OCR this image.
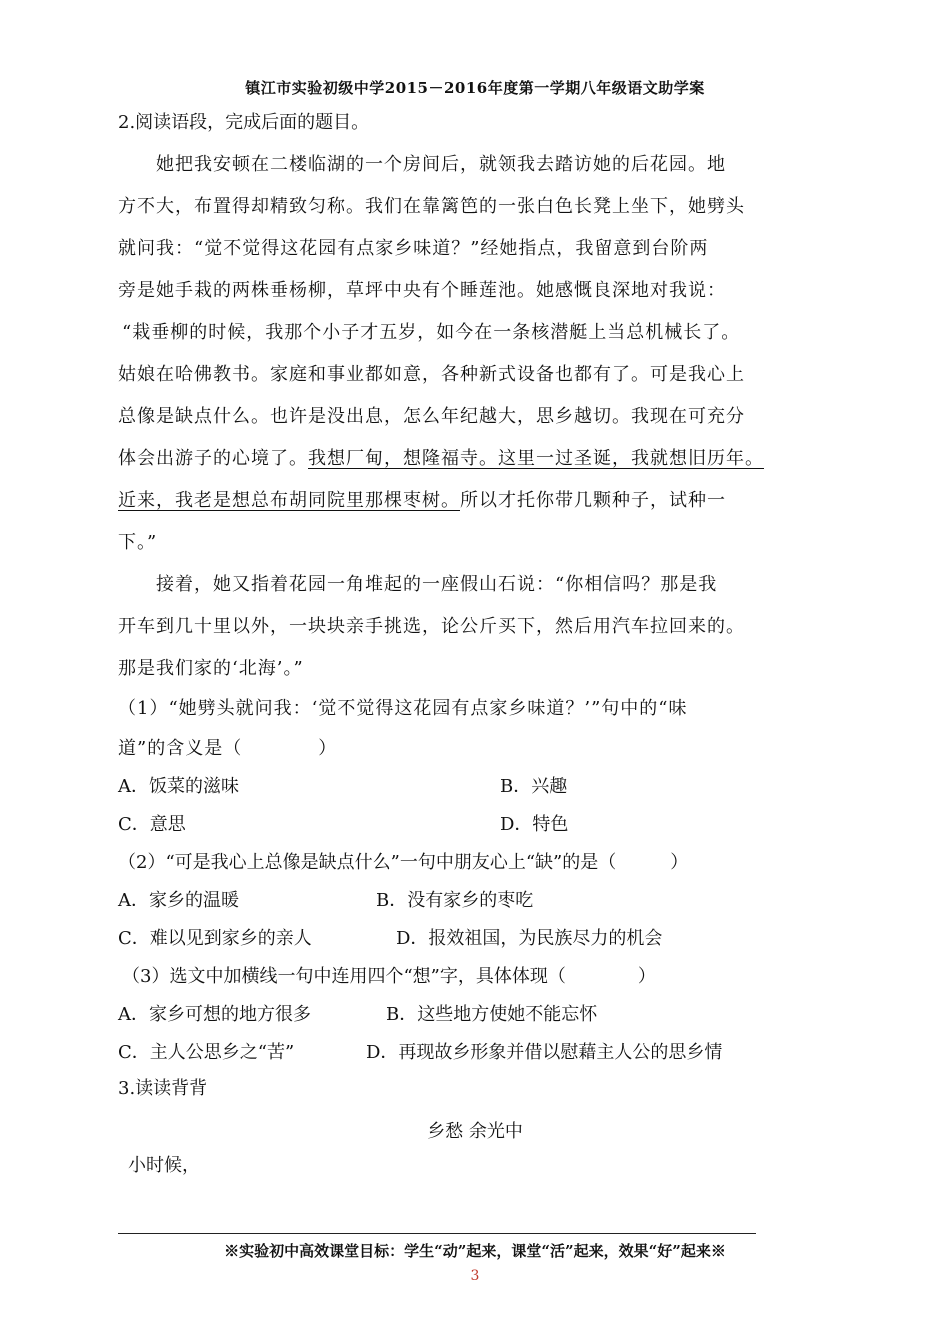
镇江市实验初级中学2015－2016年度第一学期八年级语文助学案
2.阅读语段，完成后面的题目。
她把我安顿在二楼临湖的一个房间后，就领我去踏访她的后花园。地
方不大，布置得却精致匀称。我们在靠篱笆的一张白色长凳上坐下，她劈头
就问我：“觉不觉得这花园有点家乡味道？”经她指点，我留意到台阶两
旁是她手栽的两株垂杨柳，草坪中央有个睡莲池。她感慨良深地对我说：
“栽垂柳的时候，我那个小子才五岁，如今在一条核潜艇上当总机械长了。
姑娘在哈佛教书。家庭和事业都如意，各种新式设备也都有了。可是我心上
总像是缺点什么。也许是没出息，怎么年纪越大，思乡越切。我现在可充分
体会出游子的心境了。我想厂甸，想隆福寺。这里一过圣诞，我就想旧历年。
近来，我老是想总布胡同院里那棵枣树。所以才托你带几颗种子，试种一
下。”
接着，她又指着花园一角堆起的一座假山石说：“你相信吗？那是我
开车到几十里以外，一块块亲手挑选，论公斤买下，然后用汽车拉回来的。
那是我们家的‘北海’。”
（1）“她劈头就问我：‘觉不觉得这花园有点家乡味道？’”句中的“味
道”的含义是（　　　　）
A．饭菜的滋味	B．兴趣
C．意思	D．特色
（2）“可是我心上总像是缺点什么”一句中朋友心上“缺”的是（　　　）
A．家乡的温暖	B．没有家乡的枣吃
C．难以见到家乡的亲人	D．报效祖国，为民族尽力的机会
（3）选文中加横线一句中连用四个“想”字，具体体现（　　　　）
A．家乡可想的地方很多	B．这些地方使她不能忘怀
C．主人公思乡之“苦”	D．再现故乡形象并借以慰藉主人公的思乡情
3.读读背背
乡愁 余光中
小时候，
※实验初中高效课堂目标：学生“动”起来，课堂“活”起来，效果“好”起来※
3
